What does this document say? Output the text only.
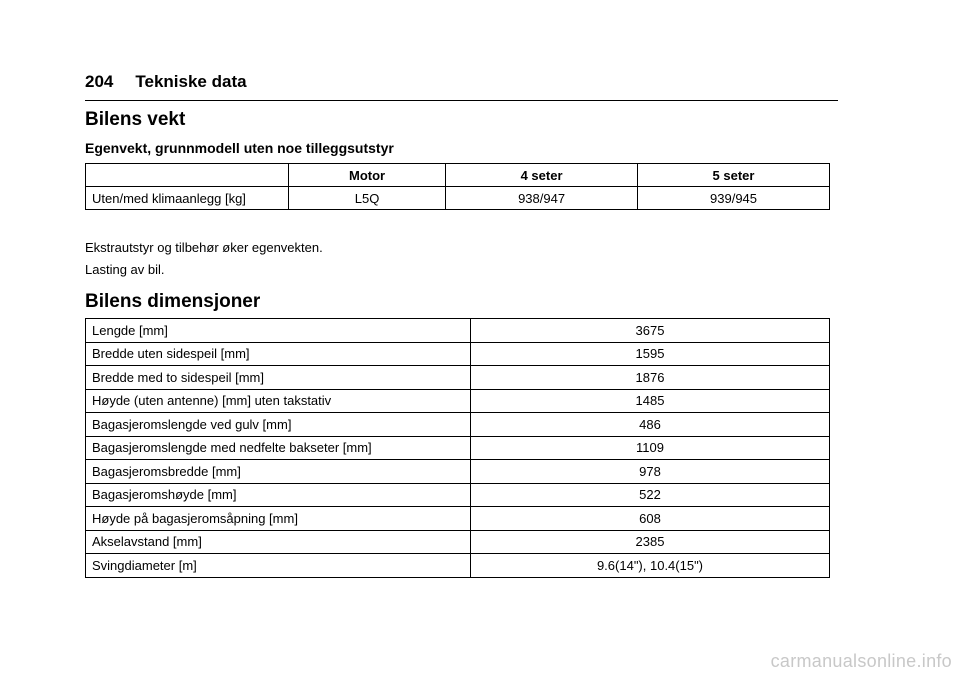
204 Tekniske data
Bilens vekt
Egenvekt, grunnmodell uten noe tilleggsutstyr
	Motor	4 seter	5 seter
Uten/med klimaanlegg [kg]	L5Q	938/947	939/945

Ekstrautstyr og tilbehør øker egenvekten.

Lasting av bil.

Bilens dimensjoner
Lengde [mm]	3675
Bredde uten sidespeil [mm]	1595
Bredde med to sidespeil [mm]	1876
Høyde (uten antenne) [mm] uten takstativ	1485
Bagasjeromslengde ved gulv [mm]	486
Bagasjeromslengde med nedfelte bakseter [mm]	1109
Bagasjeromsbredde [mm]	978
Bagasjeromshøyde [mm]	522
Høyde på bagasjeromsåpning [mm]	608
Akselavstand [mm]	2385
Svingdiameter [m]	9.6(14"), 10.4(15")
carmanualsonline.info
